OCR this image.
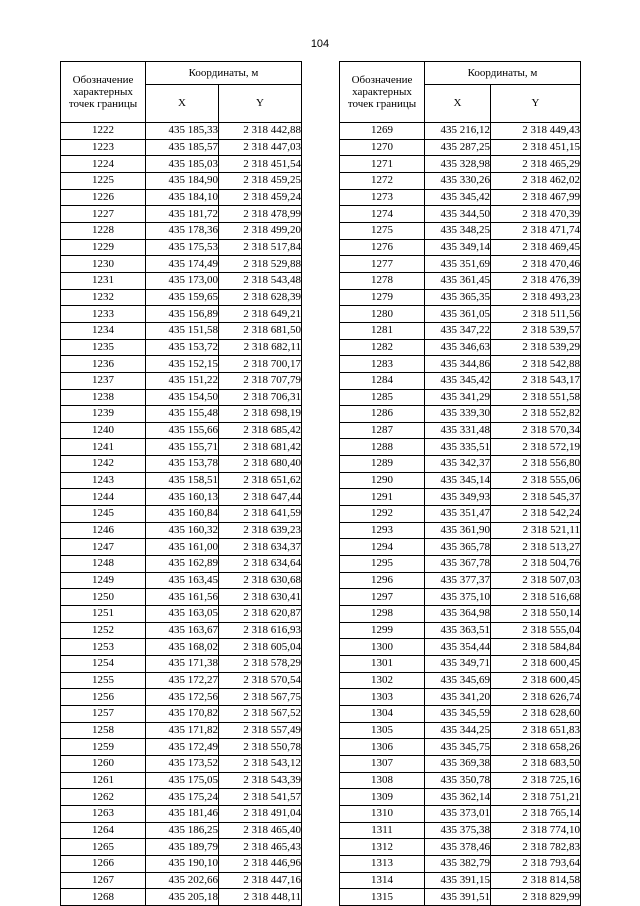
104
Обозначение характерных точек границы	Координаты, м	
	X	Y
1222	435 185,33	2 318 442,88
1223	435 185,57	2 318 447,03
1224	435 185,03	2 318 451,54
1225	435 184,90	2 318 459,25
1226	435 184,10	2 318 459,24
1227	435 181,72	2 318 478,99
1228	435 178,36	2 318 499,20
1229	435 175,53	2 318 517,84
1230	435 174,49	2 318 529,88
1231	435 173,00	2 318 543,48
1232	435 159,65	2 318 628,39
1233	435 156,89	2 318 649,21
1234	435 151,58	2 318 681,50
1235	435 153,72	2 318 682,11
1236	435 152,15	2 318 700,17
1237	435 151,22	2 318 707,79
1238	435 154,50	2 318 706,31
1239	435 155,48	2 318 698,19
1240	435 155,66	2 318 685,42
1241	435 155,71	2 318 681,42
1242	435 153,78	2 318 680,40
1243	435 158,51	2 318 651,62
1244	435 160,13	2 318 647,44
1245	435 160,84	2 318 641,59
1246	435 160,32	2 318 639,23
1247	435 161,00	2 318 634,37
1248	435 162,89	2 318 634,64
1249	435 163,45	2 318 630,68
1250	435 161,56	2 318 630,41
1251	435 163,05	2 318 620,87
1252	435 163,67	2 318 616,93
1253	435 168,02	2 318 605,04
1254	435 171,38	2 318 578,29
1255	435 172,27	2 318 570,54
1256	435 172,56	2 318 567,75
1257	435 170,82	2 318 567,52
1258	435 171,82	2 318 557,49
1259	435 172,49	2 318 550,78
1260	435 173,52	2 318 543,12
1261	435 175,05	2 318 543,39
1262	435 175,24	2 318 541,57
1263	435 181,46	2 318 491,04
1264	435 186,25	2 318 465,40
1265	435 189,79	2 318 465,43
1266	435 190,10	2 318 446,96
1267	435 202,66	2 318 447,16
1268	435 205,18	2 318 448,11
Обозначение характерных точек границы	Координаты, м	
	X	Y
1269	435 216,12	2 318 449,43
1270	435 287,25	2 318 451,15
1271	435 328,98	2 318 465,29
1272	435 330,26	2 318 462,02
1273	435 345,42	2 318 467,99
1274	435 344,50	2 318 470,39
1275	435 348,25	2 318 471,74
1276	435 349,14	2 318 469,45
1277	435 351,69	2 318 470,46
1278	435 361,45	2 318 476,39
1279	435 365,35	2 318 493,23
1280	435 361,05	2 318 511,56
1281	435 347,22	2 318 539,57
1282	435 346,63	2 318 539,29
1283	435 344,86	2 318 542,88
1284	435 345,42	2 318 543,17
1285	435 341,29	2 318 551,58
1286	435 339,30	2 318 552,82
1287	435 331,48	2 318 570,34
1288	435 335,51	2 318 572,19
1289	435 342,37	2 318 556,80
1290	435 345,14	2 318 555,06
1291	435 349,93	2 318 545,37
1292	435 351,47	2 318 542,24
1293	435 361,90	2 318 521,11
1294	435 365,78	2 318 513,27
1295	435 367,78	2 318 504,76
1296	435 377,37	2 318 507,03
1297	435 375,10	2 318 516,68
1298	435 364,98	2 318 550,14
1299	435 363,51	2 318 555,04
1300	435 354,44	2 318 584,84
1301	435 349,71	2 318 600,45
1302	435 345,69	2 318 600,45
1303	435 341,20	2 318 626,74
1304	435 345,59	2 318 628,60
1305	435 344,25	2 318 651,83
1306	435 345,75	2 318 658,26
1307	435 369,38	2 318 683,50
1308	435 350,78	2 318 725,16
1309	435 362,14	2 318 751,21
1310	435 373,01	2 318 765,14
1311	435 375,38	2 318 774,10
1312	435 378,46	2 318 782,83
1313	435 382,79	2 318 793,64
1314	435 391,15	2 318 814,58
1315	435 391,51	2 318 829,99
